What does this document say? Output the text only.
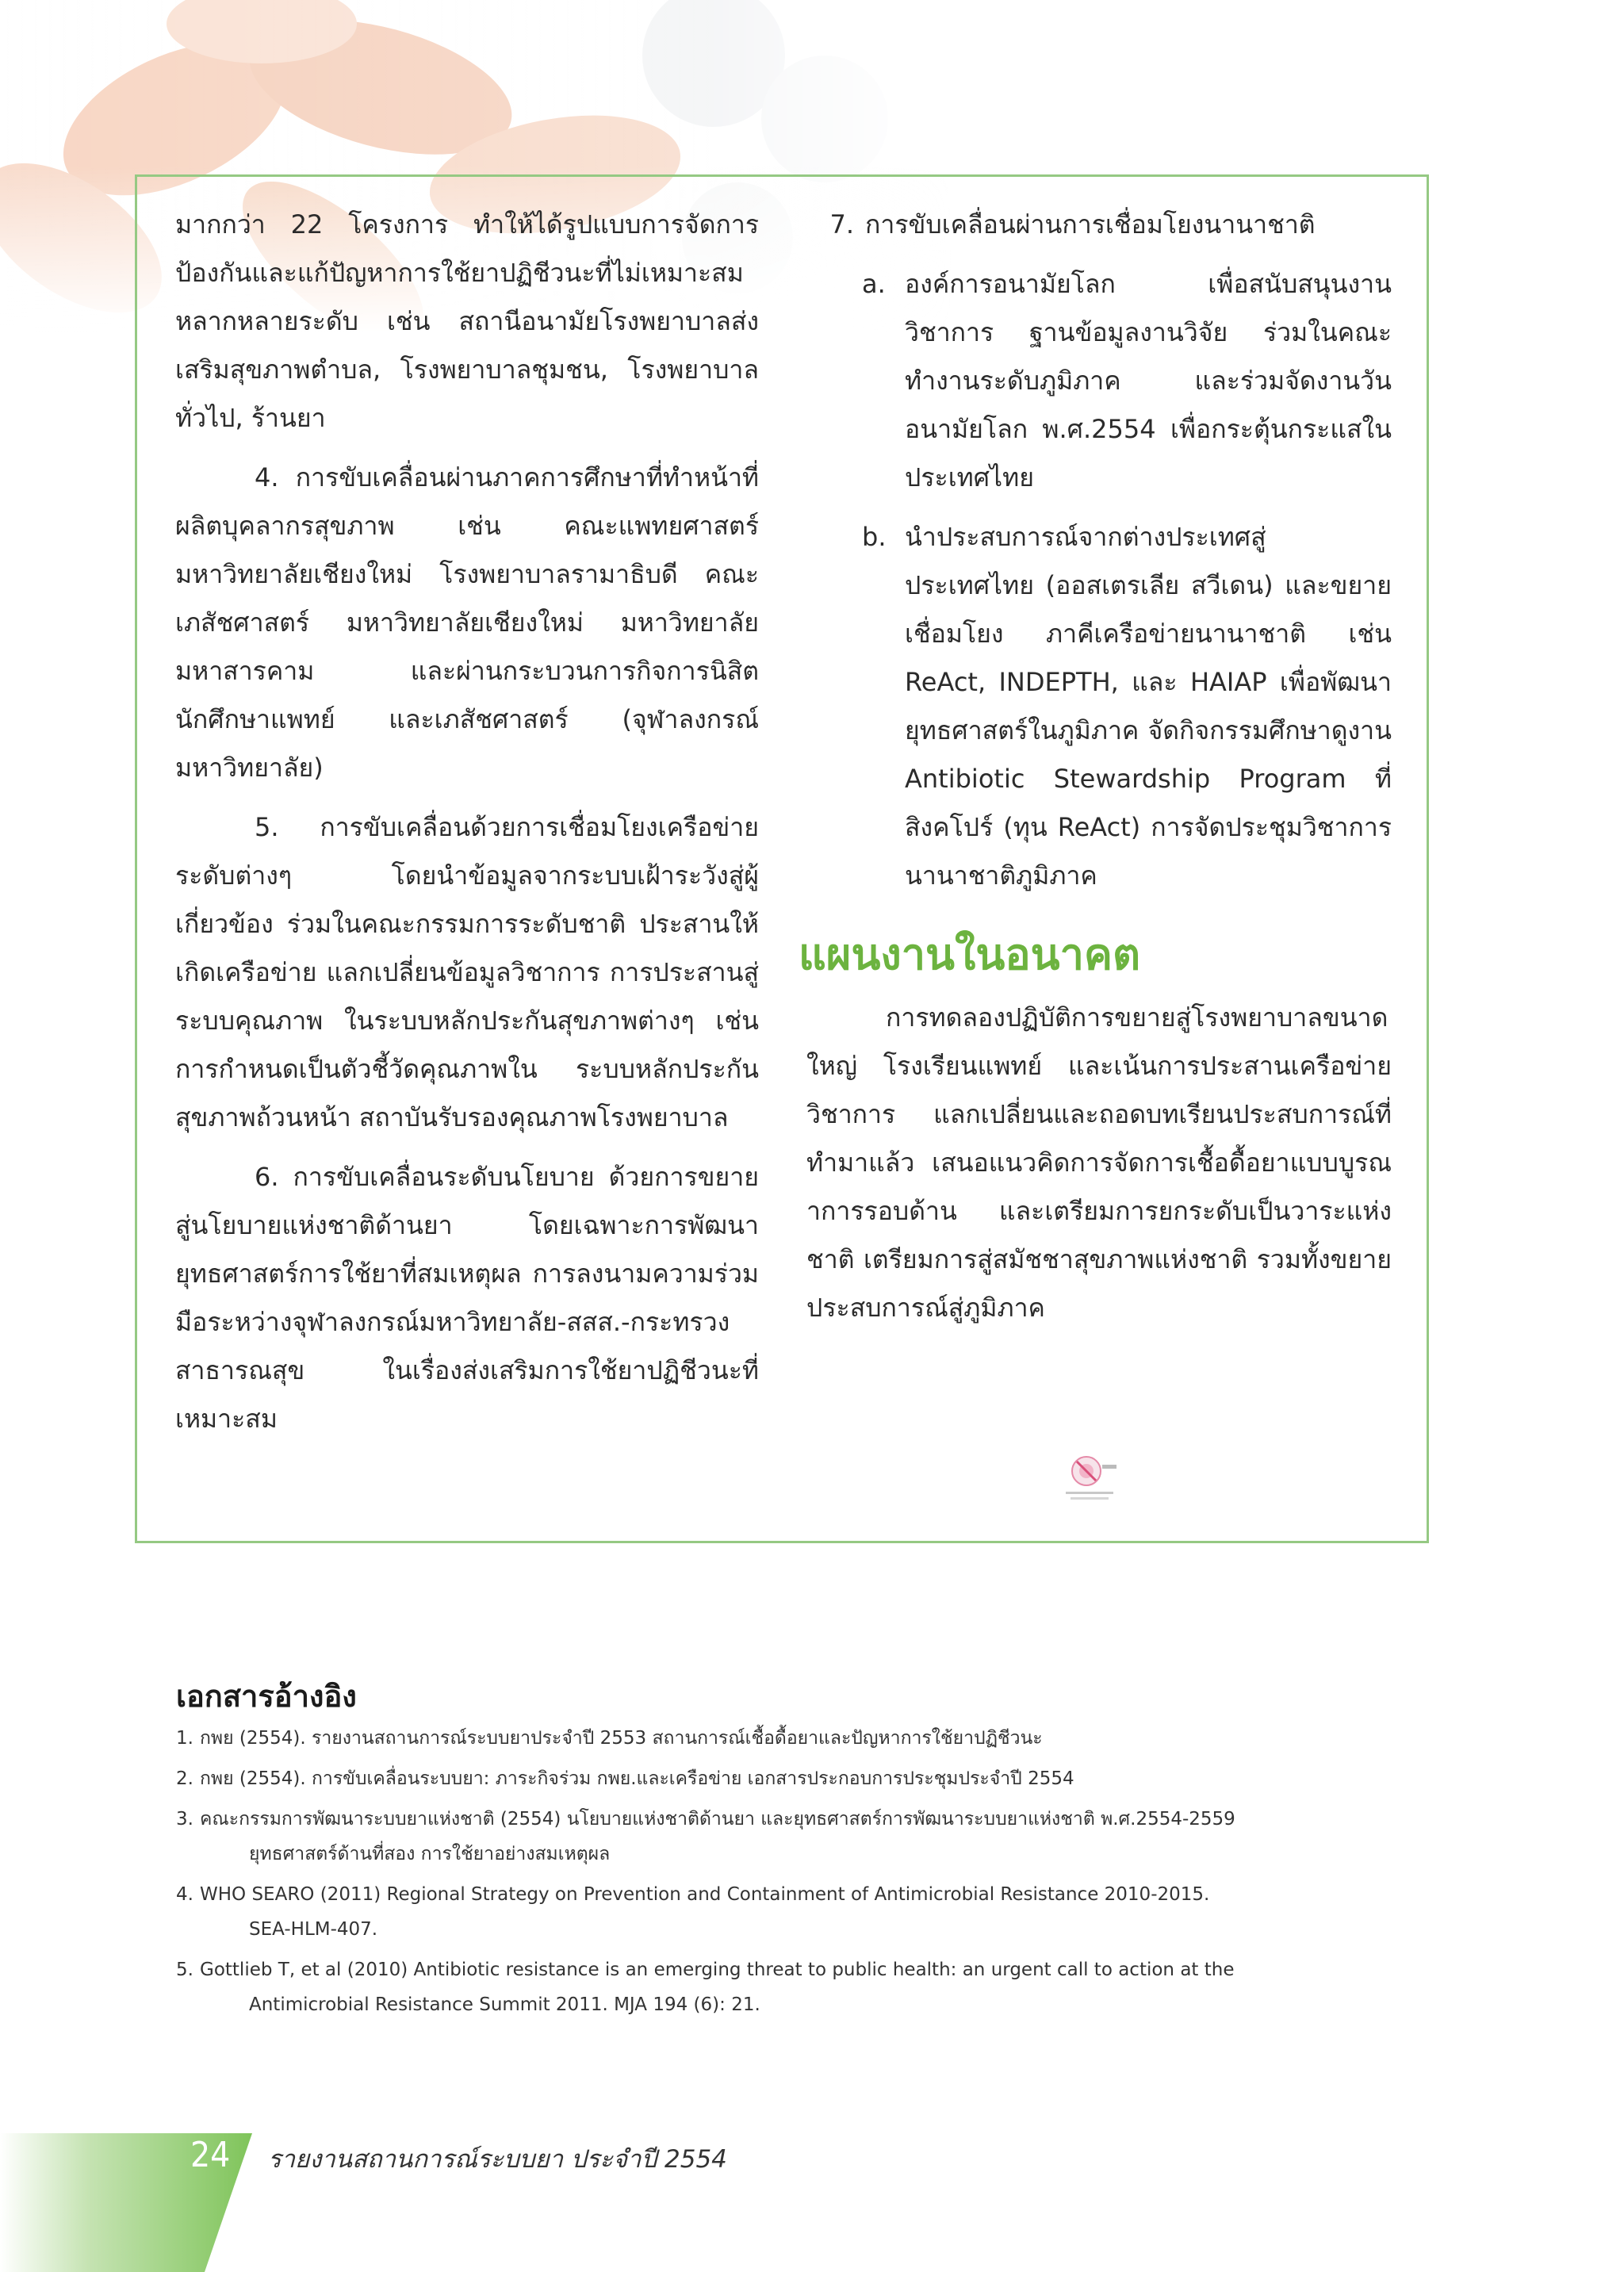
มากกว่า 22 โครงการ ทำให้ได้รูปแบบการจัดการป้องกันและแก้ปัญหาการใช้ยาปฏิชีวนะที่ไม่เหมาะสมหลากหลายระดับ เช่น สถานีอนามัยโรงพยาบาลส่งเสริมสุขภาพตำบล, โรงพยาบาลชุมชน, โรงพยาบาลทั่วไป, ร้านยา

4. การขับเคลื่อนผ่านภาคการศึกษาที่ทำหน้าที่ผลิตบุคลากรสุขภาพ เช่น คณะแพทยศาสตร์ มหาวิทยาลัยเชียงใหม่ โรงพยาบาลรามาธิบดี คณะเภสัชศาสตร์ มหาวิทยาลัยเชียงใหม่ มหาวิทยาลัยมหาสารคาม และผ่านกระบวนการกิจการนิสิตนักศึกษาแพทย์ และเภสัชศาสตร์ (จุฬาลงกรณ์มหาวิทยาลัย)

5. การขับเคลื่อนด้วยการเชื่อมโยงเครือข่ายระดับต่างๆ โดยนำข้อมูลจากระบบเฝ้าระวังสู่ผู้เกี่ยวข้อง ร่วมในคณะกรรมการระดับชาติ ประสานให้เกิดเครือข่าย แลกเปลี่ยนข้อมูลวิชาการ การประสานสู่ระบบคุณภาพ ในระบบหลักประกันสุขภาพต่างๆ เช่น การกำหนดเป็นตัวชี้วัดคุณภาพใน ระบบหลักประกันสุขภาพถ้วนหน้า สถาบันรับรองคุณภาพโรงพยาบาล

6. การขับเคลื่อนระดับนโยบาย ด้วยการขยายสู่นโยบายแห่งชาติด้านยา โดยเฉพาะการพัฒนายุทธศาสตร์การใช้ยาที่สมเหตุผล การลงนามความร่วมมือระหว่างจุฬาลงกรณ์มหาวิทยาลัย-สสส.-กระทรวงสาธารณสุข ในเรื่องส่งเสริมการใช้ยาปฏิชีวนะที่เหมาะสม

7. การขับเคลื่อนผ่านการเชื่อมโยงนานาชาติ
a. องค์การอนามัยโลก เพื่อสนับสนุนงานวิชาการ ฐานข้อมูลงานวิจัย ร่วมในคณะทำงานระดับภูมิภาค และร่วมจัดงานวันอนามัยโลก พ.ศ.2554 เพื่อกระตุ้นกระแสในประเทศไทย
b. นำประสบการณ์จากต่างประเทศสู่ประเทศไทย (ออสเตรเลีย สวีเดน) และขยายเชื่อมโยง ภาคีเครือข่ายนานาชาติ เช่น ReAct, INDEPTH, และ HAIAP เพื่อพัฒนายุทธศาสตร์ในภูมิภาค จัดกิจกรรมศึกษาดูงาน Antibiotic Stewardship Program ที่สิงคโปร์ (ทุน ReAct) การจัดประชุมวิชาการนานาชาติภูมิภาค
แผนงานในอนาคต

การทดลองปฏิบัติการขยายสู่โรงพยาบาลขนาดใหญ่ โรงเรียนแพทย์ และเน้นการประสานเครือข่ายวิชาการ แลกเปลี่ยนและถอดบทเรียนประสบการณ์ที่ทำมาแล้ว เสนอแนวคิดการจัดการเชื้อดื้อยาแบบบูรณาการรอบด้าน และเตรียมการยกระดับเป็นวาระแห่งชาติ เตรียมการสู่สมัชชาสุขภาพแห่งชาติ รวมทั้งขยายประสบการณ์สู่ภูมิภาค

เอกสารอ้างอิง
1. กพย (2554). รายงานสถานการณ์ระบบยาประจำปี 2553 สถานการณ์เชื้อดื้อยาและปัญหาการใช้ยาปฏิชีวนะ
2. กพย (2554). การขับเคลื่อนระบบยา: ภาระกิจร่วม กพย.และเครือข่าย เอกสารประกอบการประชุมประจำปี 2554
3. คณะกรรมการพัฒนาระบบยาแห่งชาติ (2554) นโยบายแห่งชาติด้านยา และยุทธศาสตร์การพัฒนาระบบยาแห่งชาติ พ.ศ.2554-2559
ยุทธศาสตร์ด้านที่สอง การใช้ยาอย่างสมเหตุผล
4. WHO SEARO (2011) Regional Strategy on Prevention and Containment of Antimicrobial Resistance 2010-2015.
SEA-HLM-407.
5. Gottlieb T, et al (2010) Antibiotic resistance is an emerging threat to public health: an urgent call to action at the
Antimicrobial Resistance Summit 2011. MJA 194 (6): 21.
24 รายงานสถานการณ์ระบบยา ประจำปี 2554
